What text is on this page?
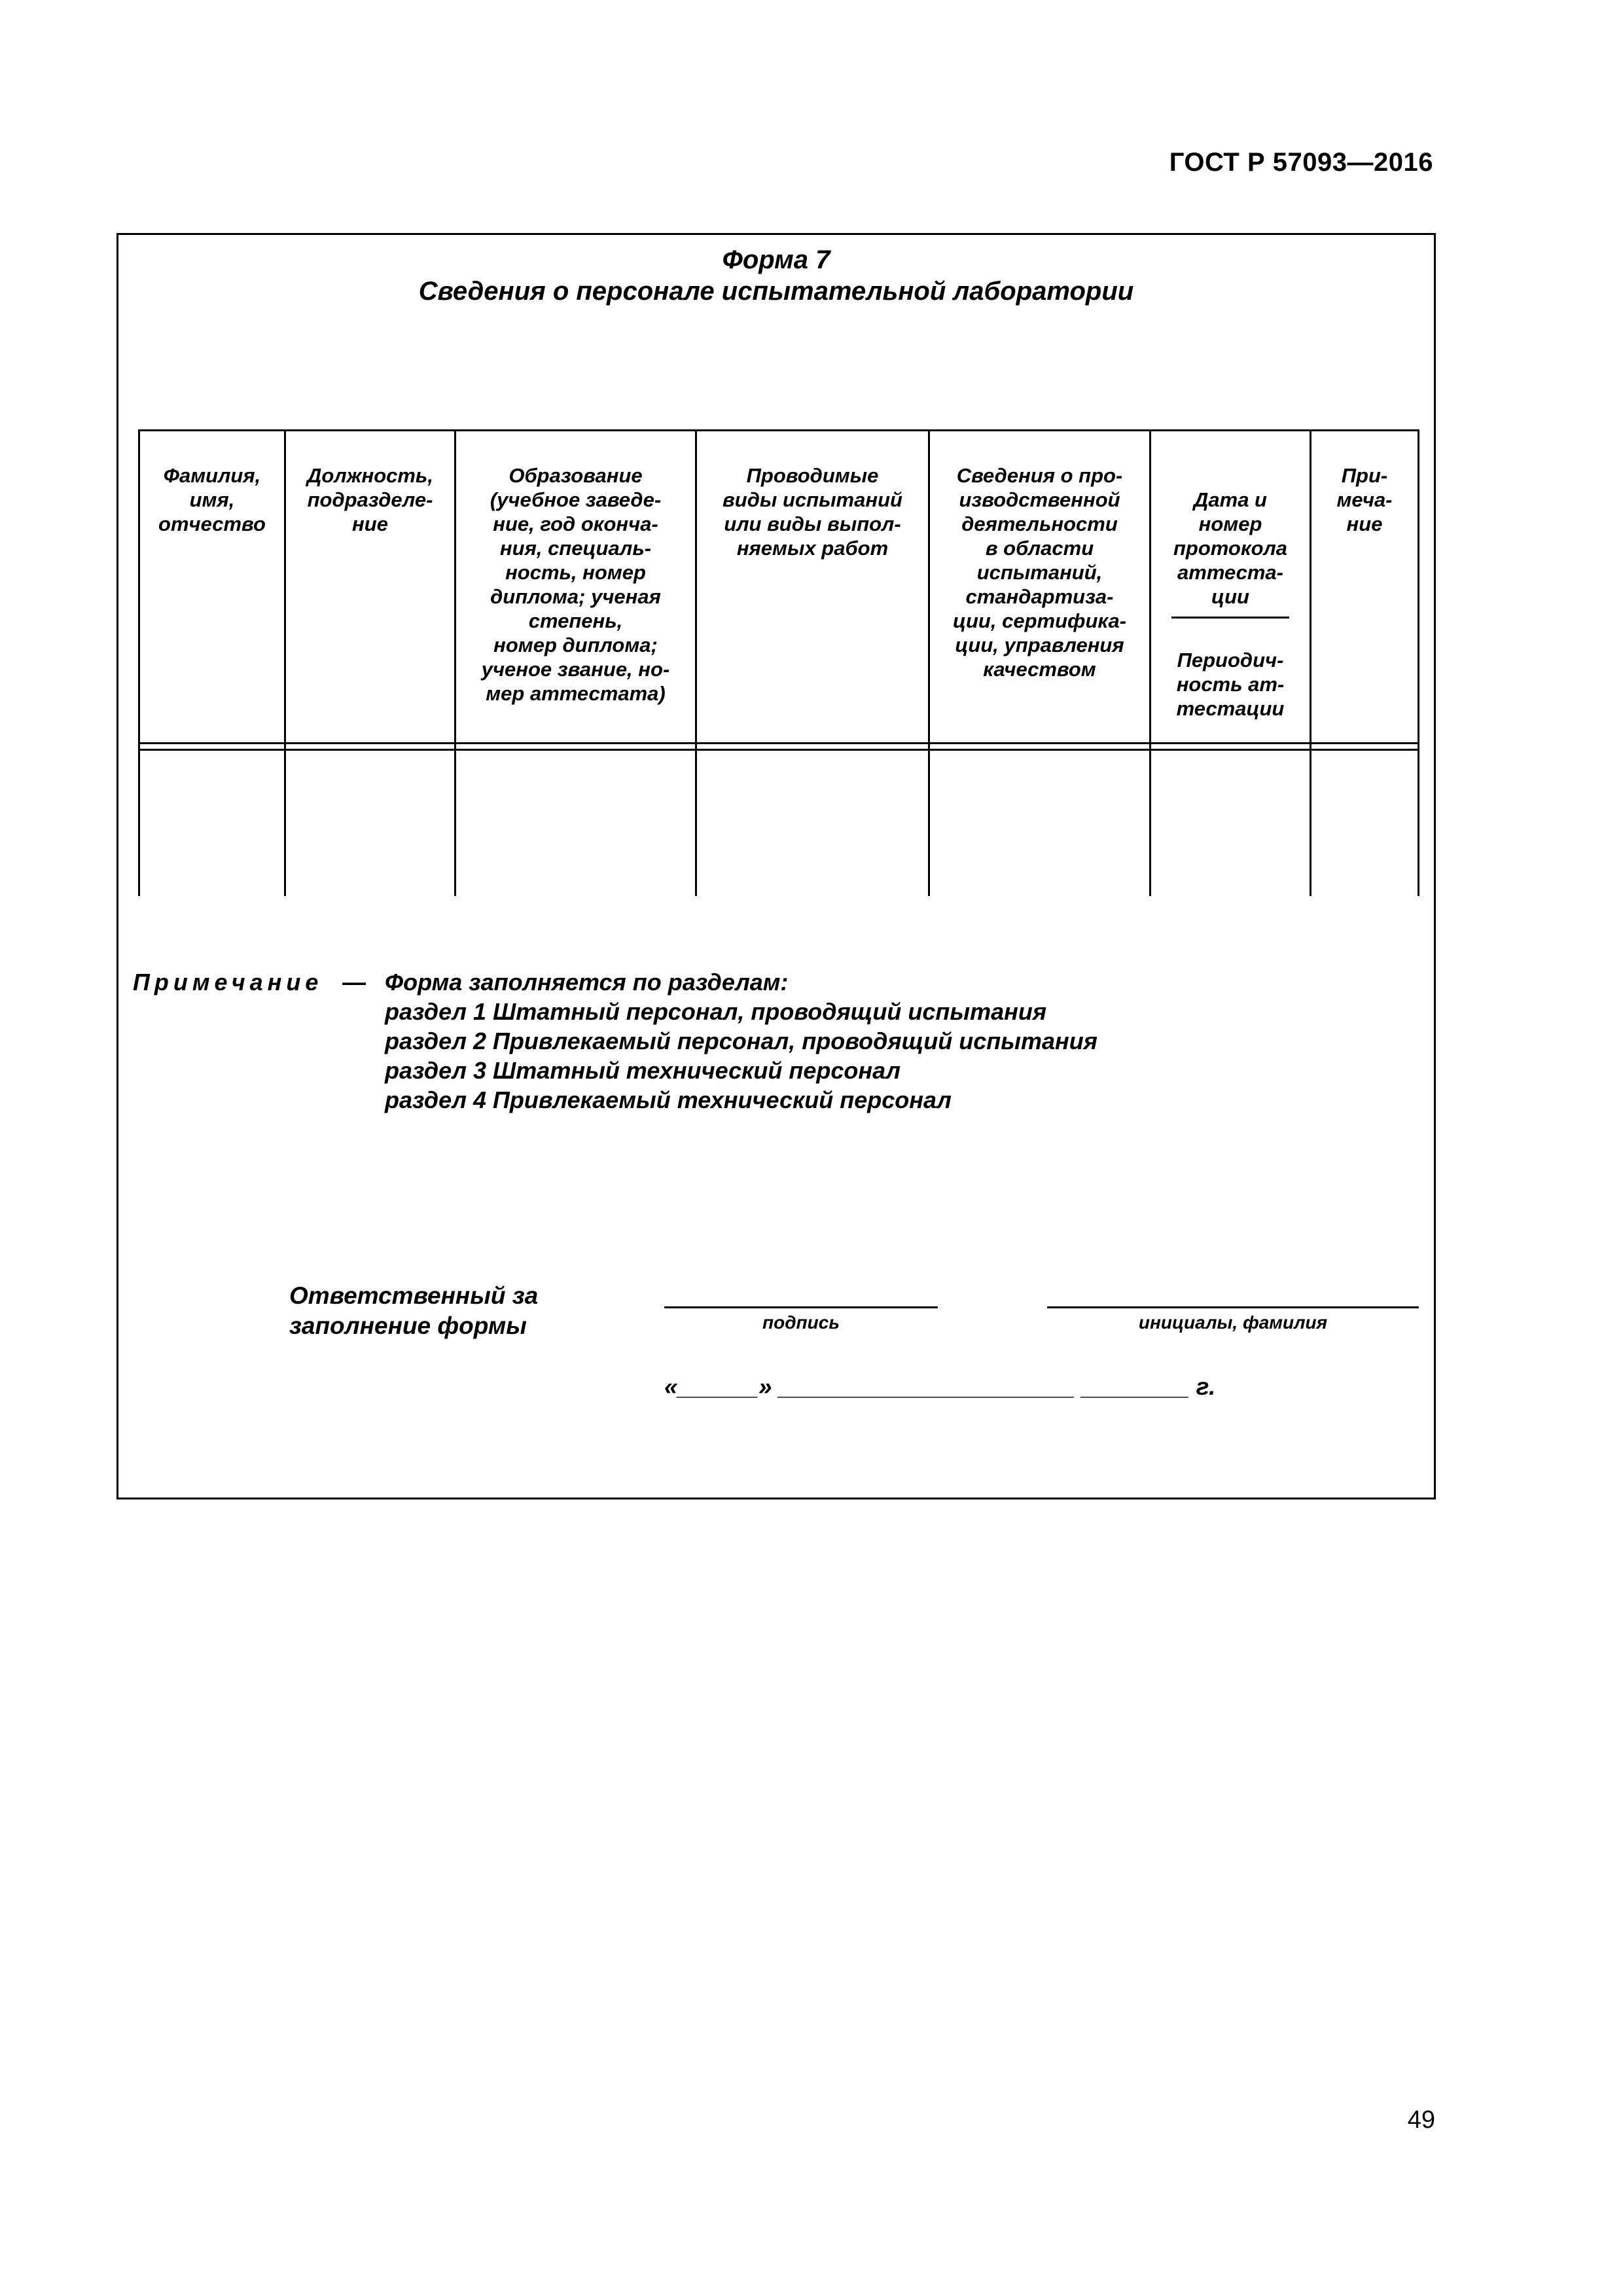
ГОСТ Р 57093—2016
Форма 7
Сведения о персонале испытательной лаборатории
Фамилия,
имя,
отчество
Должность,
подразделе-
ние
Образование
(учебное заведе-
ние, год оконча-
ния, специаль-
ность, номер
диплома; ученая
степень,
номер диплома;
ученое звание, но-
мер аттестата)
Проводимые
виды испытаний
или виды выпол-
няемых работ
Сведения о про-
изводственной
деятельности
в области
испытаний,
стандартиза-
ции, сертифика-
ции, управления
качеством

Дата и
номер
протокола
аттеста-
ции

Периодич-
ность ат-
тестации

При-
меча-
ние
Примечание — Форма заполняется по разделам:
раздел 1 Штатный персонал, проводящий испытания
раздел 2 Привлекаемый персонал, проводящий испытания
раздел 3 Штатный технический персонал
раздел 4 Привлекаемый технический персонал
Ответственный за
заполнение формы	подпись	инициалы, фамилия
«______» ______________________ ________ г.
49
